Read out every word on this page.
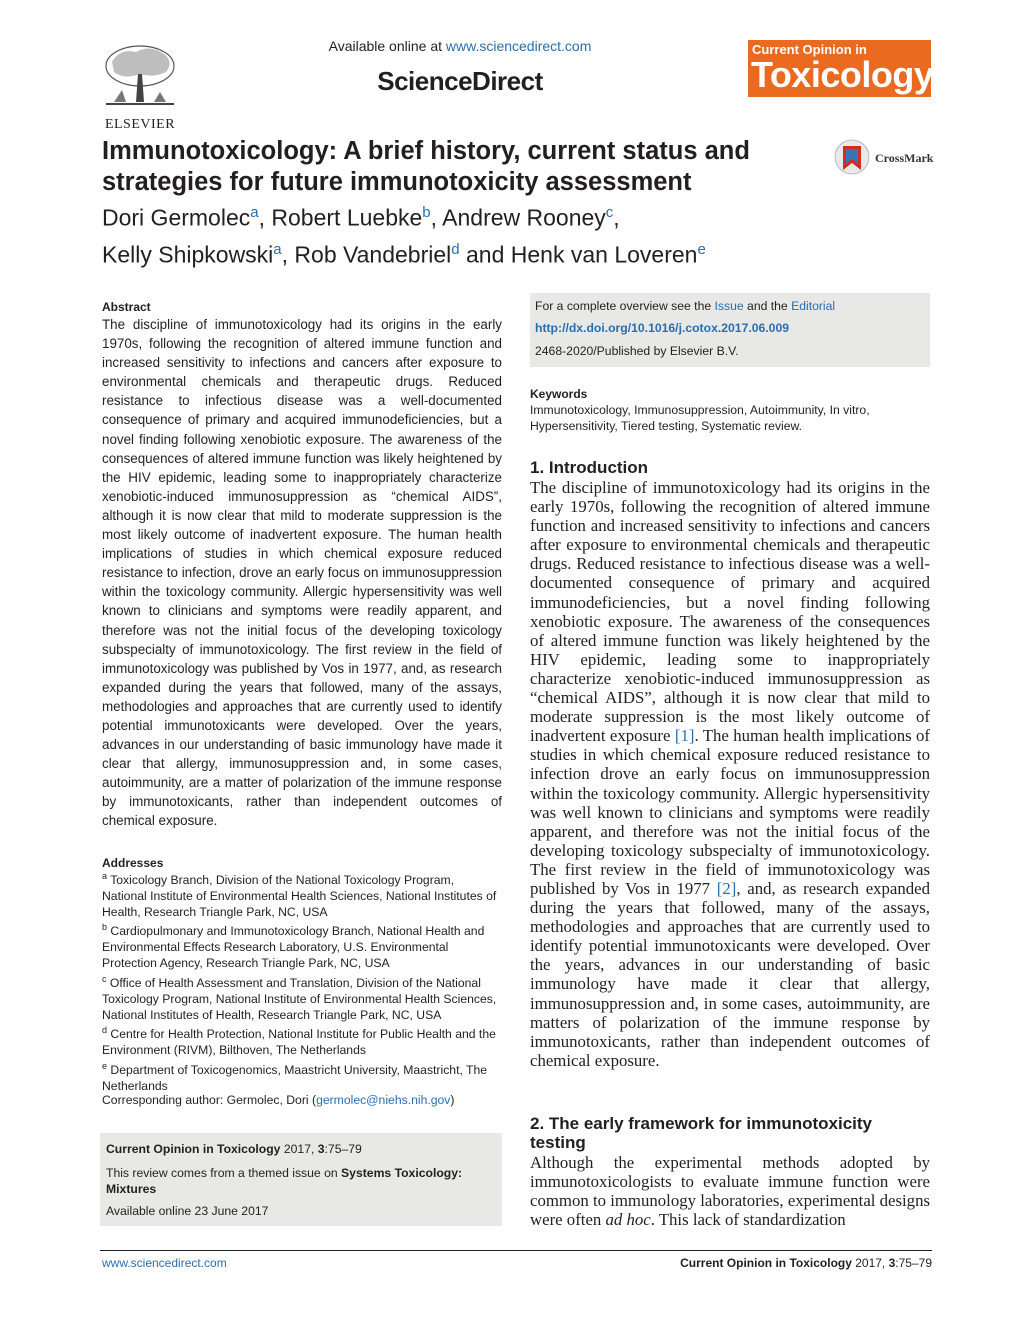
ELSEVIER
Available online at www.sciencedirect.com
ScienceDirect
Current Opinion in
Toxicology
Immunotoxicology: A brief history, current status and strategies for future immunotoxicity assessment
CrossMark
Dori Germolec$^a$, Robert Luebke$^b$, Andrew Rooney$^c$,
Kelly Shipkowski$^a$, Rob Vandebriel$^d$ and Henk van Loveren$^e$
Abstract
The discipline of immunotoxicology had its origins in the early 1970s, following the recognition of altered immune function and increased sensitivity to infections and cancers after exposure to environmental chemicals and therapeutic drugs. Reduced resistance to infectious disease was a well-documented consequence of primary and acquired immunodeficiencies, but a novel finding following xenobiotic exposure. The awareness of the consequences of altered immune function was likely heightened by the HIV epidemic, leading some to inappropriately characterize xenobiotic-induced immunosuppression as “chemical AIDS”, although it is now clear that mild to moderate suppression is the most likely outcome of inadvertent exposure. The human health implications of studies in which chemical exposure reduced resistance to infection, drove an early focus on immunosuppression within the toxicology community. Allergic hypersensitivity was well known to clinicians and symptoms were readily apparent, and therefore was not the initial focus of the developing toxicology subspecialty of immunotoxicology. The first review in the field of immunotoxicology was published by Vos in 1977, and, as research expanded during the years that followed, many of the assays, methodologies and approaches that are currently used to identify potential immunotoxicants were developed. Over the years, advances in our understanding of basic immunology have made it clear that allergy, immunosuppression and, in some cases, autoimmunity, are a matter of polarization of the immune response by immunotoxicants, rather than independent outcomes of chemical exposure.
Addresses
$^a$ Toxicology Branch, Division of the National Toxicology Program, National Institute of Environmental Health Sciences, National Institutes of Health, Research Triangle Park, NC, USA
$^b$ Cardiopulmonary and Immunotoxicology Branch, National Health and Environmental Effects Research Laboratory, U.S. Environmental Protection Agency, Research Triangle Park, NC, USA
$^c$ Office of Health Assessment and Translation, Division of the National Toxicology Program, National Institute of Environmental Health Sciences, National Institutes of Health, Research Triangle Park, NC, USA
$^d$ Centre for Health Protection, National Institute for Public Health and the Environment (RIVM), Bilthoven, The Netherlands
$^e$ Department of Toxicogenomics, Maastricht University, Maastricht, The Netherlands
Corresponding author: Germolec, Dori (germolec@niehs.nih.gov)
Current Opinion in Toxicology 2017, 3:75–79
This review comes from a themed issue on Systems Toxicology: Mixtures
Available online 23 June 2017
For a complete overview see the Issue and the Editorial
http://dx.doi.org/10.1016/j.cotox.2017.06.009
2468-2020/Published by Elsevier B.V.
Keywords
Immunotoxicology, Immunosuppression, Autoimmunity, In vitro, Hypersensitivity, Tiered testing, Systematic review.
1. Introduction
The discipline of immunotoxicology had its origins in the early 1970s, following the recognition of altered immune function and increased sensitivity to infections and cancers after exposure to environmental chemicals and therapeutic drugs. Reduced resistance to infectious disease was a well-documented consequence of primary and acquired immunodeficiencies, but a novel finding following xenobiotic exposure. The awareness of the consequences of altered immune function was likely heightened by the HIV epidemic, leading some to inappropriately characterize xenobiotic-induced immunosuppression as “chemical AIDS”, although it is now clear that mild to moderate suppression is the most likely outcome of inadvertent exposure [1]. The human health implications of studies in which chemical exposure reduced resistance to infection drove an early focus on immunosuppression within the toxicology community. Allergic hypersensitivity was well known to clinicians and symptoms were readily apparent, and therefore was not the initial focus of the developing toxicology subspecialty of immunotoxicology. The first review in the field of immunotoxicology was published by Vos in 1977 [2], and, as research expanded during the years that followed, many of the assays, methodologies and approaches that are currently used to identify potential immunotoxicants were developed. Over the years, advances in our understanding of basic immunology have made it clear that allergy, immunosuppression and, in some cases, autoimmunity, are matters of polarization of the immune response by immunotoxicants, rather than independent outcomes of chemical exposure.
2. The early framework for immunotoxicity testing
Although the experimental methods adopted by immunotoxicologists to evaluate immune function were common to immunology laboratories, experimental designs were often ad hoc. This lack of standardization
www.sciencedirect.com	Current Opinion in Toxicology 2017, 3:75–79
